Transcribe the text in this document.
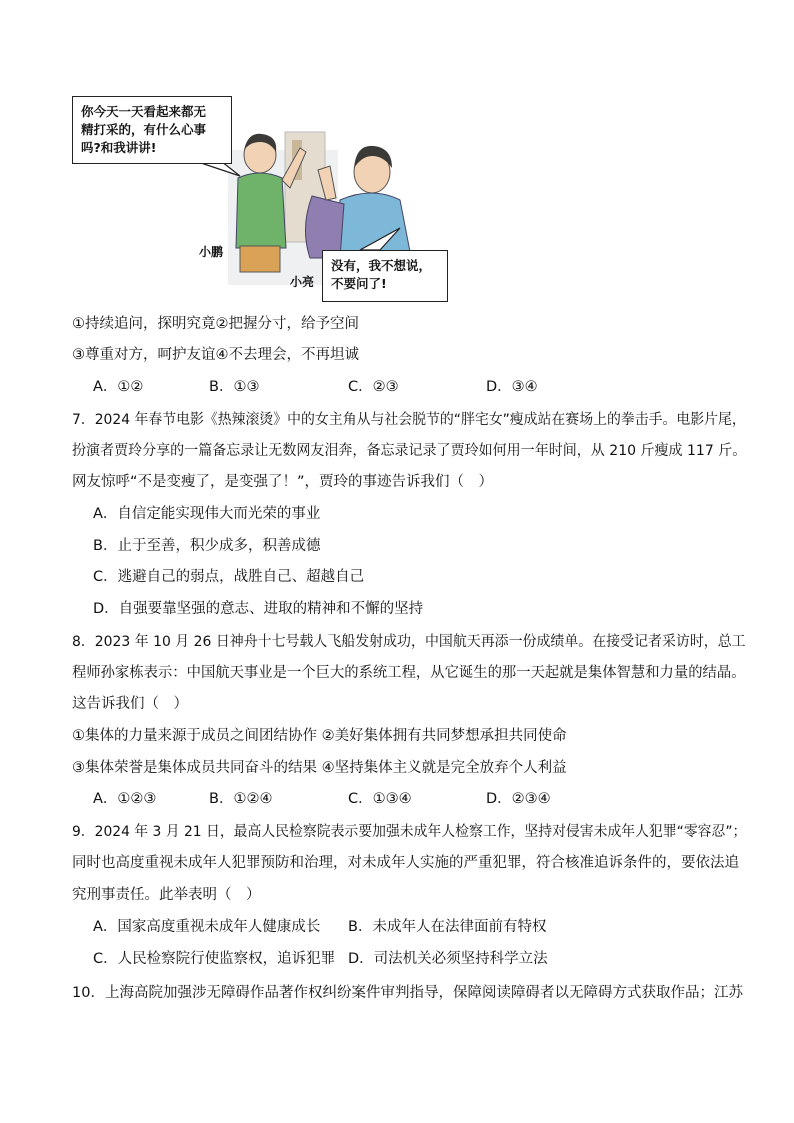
你今天一天看起来都无
精打采的，有什么心事
吗?和我讲讲!
没有，我不想说，
不要问了!
小鹏
小亮
①持续追问，探明究竟②把握分寸，给予空间
③尊重对方，呵护友谊④不去理会，不再坦诚
A．①②	B．①③	C．②③	D．③④
7．2024 年春节电影《热辣滚烫》中的女主角从与社会脱节的“胖宅女”瘦成站在赛场上的拳击手。电影片尾，
扮演者贾玲分享的一篇备忘录让无数网友泪奔，备忘录记录了贾玲如何用一年时间，从 210 斤瘦成 117 斤。
网友惊呼“不是变瘦了，是变强了！”，贾玲的事迹告诉我们（　）
A．自信定能实现伟大而光荣的事业
B．止于至善，积少成多，积善成德
C．逃避自己的弱点，战胜自己、超越自己
D．自强要靠坚强的意志、进取的精神和不懈的坚持
8．2023 年 10 月 26 日神舟十七号载人飞船发射成功，中国航天再添一份成绩单。在接受记者采访时，总工
程师孙家栋表示：中国航天事业是一个巨大的系统工程，从它诞生的那一天起就是集体智慧和力量的结晶。
这告诉我们（　）
①集体的力量来源于成员之间团结协作 ②美好集体拥有共同梦想承担共同使命
③集体荣誉是集体成员共同奋斗的结果 ④坚持集体主义就是完全放弃个人利益
A．①②③	B．①②④	C．①③④	D．②③④
9．2024 年 3 月 21 日，最高人民检察院表示要加强未成年人检察工作，坚持对侵害未成年人犯罪“零容忍”；
同时也高度重视未成年人犯罪预防和治理，对未成年人实施的严重犯罪，符合核准追诉条件的，要依法追
究刑事责任。此举表明（　）
A．国家高度重视未成年人健康成长 B．未成年人在法律面前有特权
C．人民检察院行使监察权，追诉犯罪 D．司法机关必须坚持科学立法
10．上海高院加强涉无障碍作品著作权纠纷案件审判指导，保障阅读障碍者以无障碍方式获取作品；江苏
